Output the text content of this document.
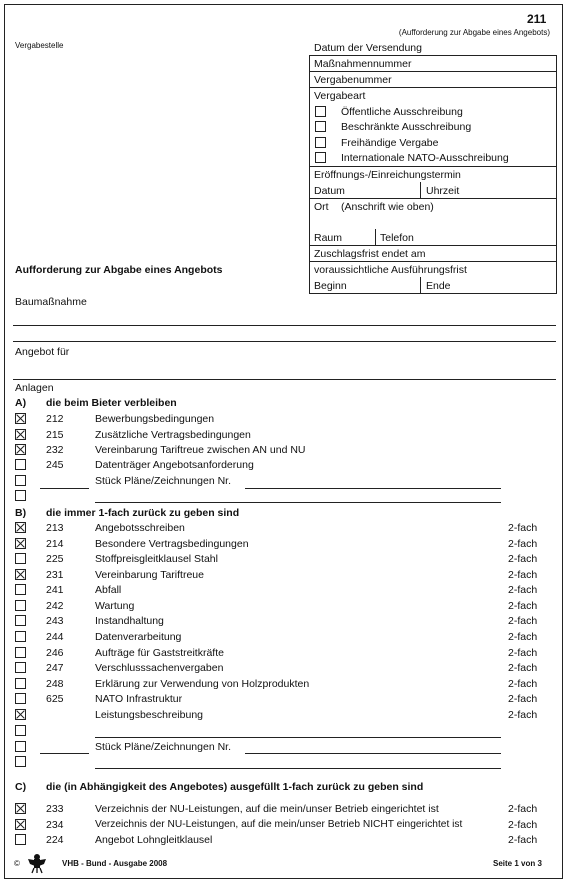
211
(Aufforderung zur Abgabe eines Angebots)
Vergabestelle	Datum der Versendung
Maßnahmennummer
Vergabenummer
Vergabeart
Öffentliche Ausschreibung
Beschränkte Ausschreibung
Freihändige Vergabe
Internationale NATO-Ausschreibung
Eröffnungs-/Einreichungstermin
Datum	Uhrzeit
Ort (Anschrift wie oben)
Raum	Telefon
Zuschlagsfrist endet am
voraussichtliche Ausführungsfrist
Beginn	Ende
Aufforderung zur Abgabe eines Angebots
Baumaßnahme
Angebot für
Anlagen
A) die beim Bieter verbleiben
212	Bewerbungsbedingungen
215	Zusätzliche Vertragsbedingungen
232	Vereinbarung Tariftreue zwischen AN und NU
245	Datenträger Angebotsanforderung
Stück Pläne/Zeichnungen Nr.
B) die immer 1-fach zurück zu geben sind
213	Angebotsschreiben	2-fach
214	Besondere Vertragsbedingungen	2-fach
225	Stoffpreisgleitklausel Stahl	2-fach
231	Vereinbarung Tariftreue	2-fach
241	Abfall	2-fach
242	Wartung	2-fach
243	Instandhaltung	2-fach
244	Datenverarbeitung	2-fach
246	Aufträge für Gaststreitkräfte	2-fach
247	Verschlusssachenvergaben	2-fach
248	Erklärung zur Verwendung von Holzprodukten	2-fach
625	NATO Infrastruktur	2-fach
Leistungsbeschreibung	2-fach
Stück Pläne/Zeichnungen Nr.
C) die (in Abhängigkeit des Angebotes) ausgefüllt 1-fach zurück zu geben sind
233	Verzeichnis der NU-Leistungen, auf die mein/unser Betrieb eingerichtet ist	2-fach
234	Verzeichnis der NU-Leistungen, auf die mein/unser Betrieb NICHT eingerichtet ist	2-fach
224	Angebot Lohngleitklausel	2-fach
©	VHB - Bund - Ausgabe 2008	Seite 1 von 3
